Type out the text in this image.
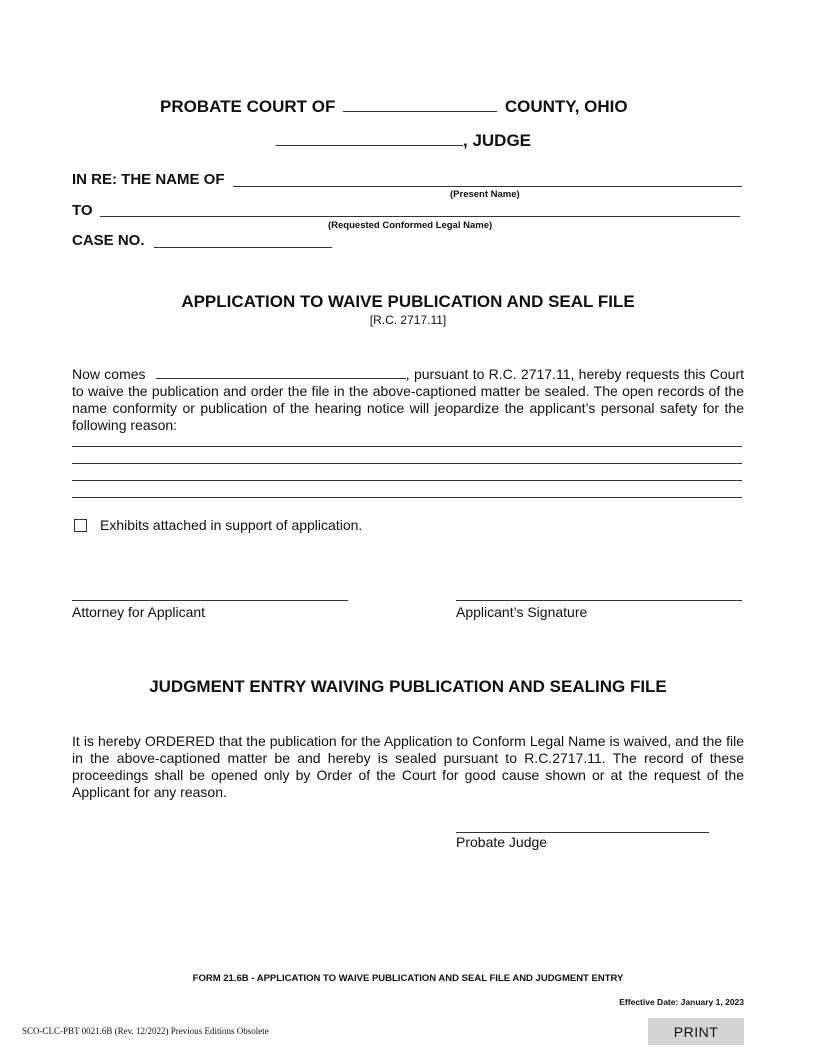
PROBATE COURT OF	COUNTY, OHIO
, JUDGE
IN RE: THE NAME OF
(Present Name)
TO
(Requested Conformed Legal Name)
CASE NO.
APPLICATION TO WAIVE PUBLICATION AND SEAL FILE
[R.C. 2717.11]
Now comes	, pursuant to R.C. 2717.11, hereby requests this Court to waive the publication and order the file in the above-captioned matter be sealed. The open records of the name conformity or publication of the hearing notice will jeopardize the applicant’s personal safety for the following reason:
Exhibits attached in support of application.
Attorney for Applicant	Applicant’s Signature
JUDGMENT ENTRY WAIVING PUBLICATION AND SEALING FILE
It is hereby ORDERED that the publication for the Application to Conform Legal Name is waived, and the file in the above-captioned matter be and hereby is sealed pursuant to R.C.2717.11. The record of these proceedings shall be opened only by Order of the Court for good cause shown or at the request of the Applicant for any reason.
Probate Judge
FORM 21.6B - APPLICATION TO WAIVE PUBLICATION AND SEAL FILE AND JUDGMENT ENTRY
Effective Date: January 1, 2023
SCO-CLC-PBT 0021.6B (Rev. 12/2022) Previous Editions Obsolete	PRINT
